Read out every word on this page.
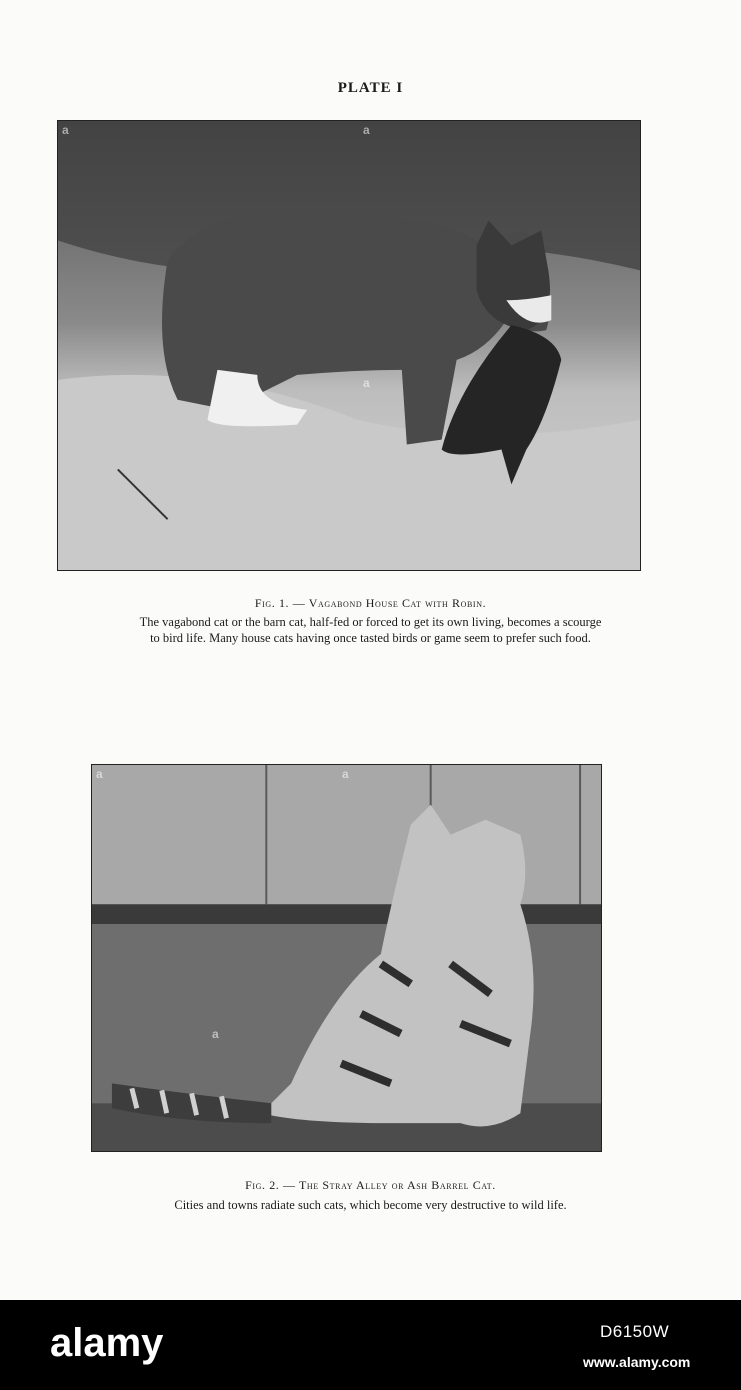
PLATE I
a	a
a
Fig. 1. — Vagabond House Cat with Robin.
The vagabond cat or the barn cat, half-fed or forced to get its own living, becomes a scourge
to bird life. Many house cats having once tasted birds or game seem to prefer such food.
a	a
a
Fig. 2. — The Stray Alley or Ash Barrel Cat.
Cities and towns radiate such cats, which become very destructive to wild life.
alamy	D6150W
www.alamy.com
